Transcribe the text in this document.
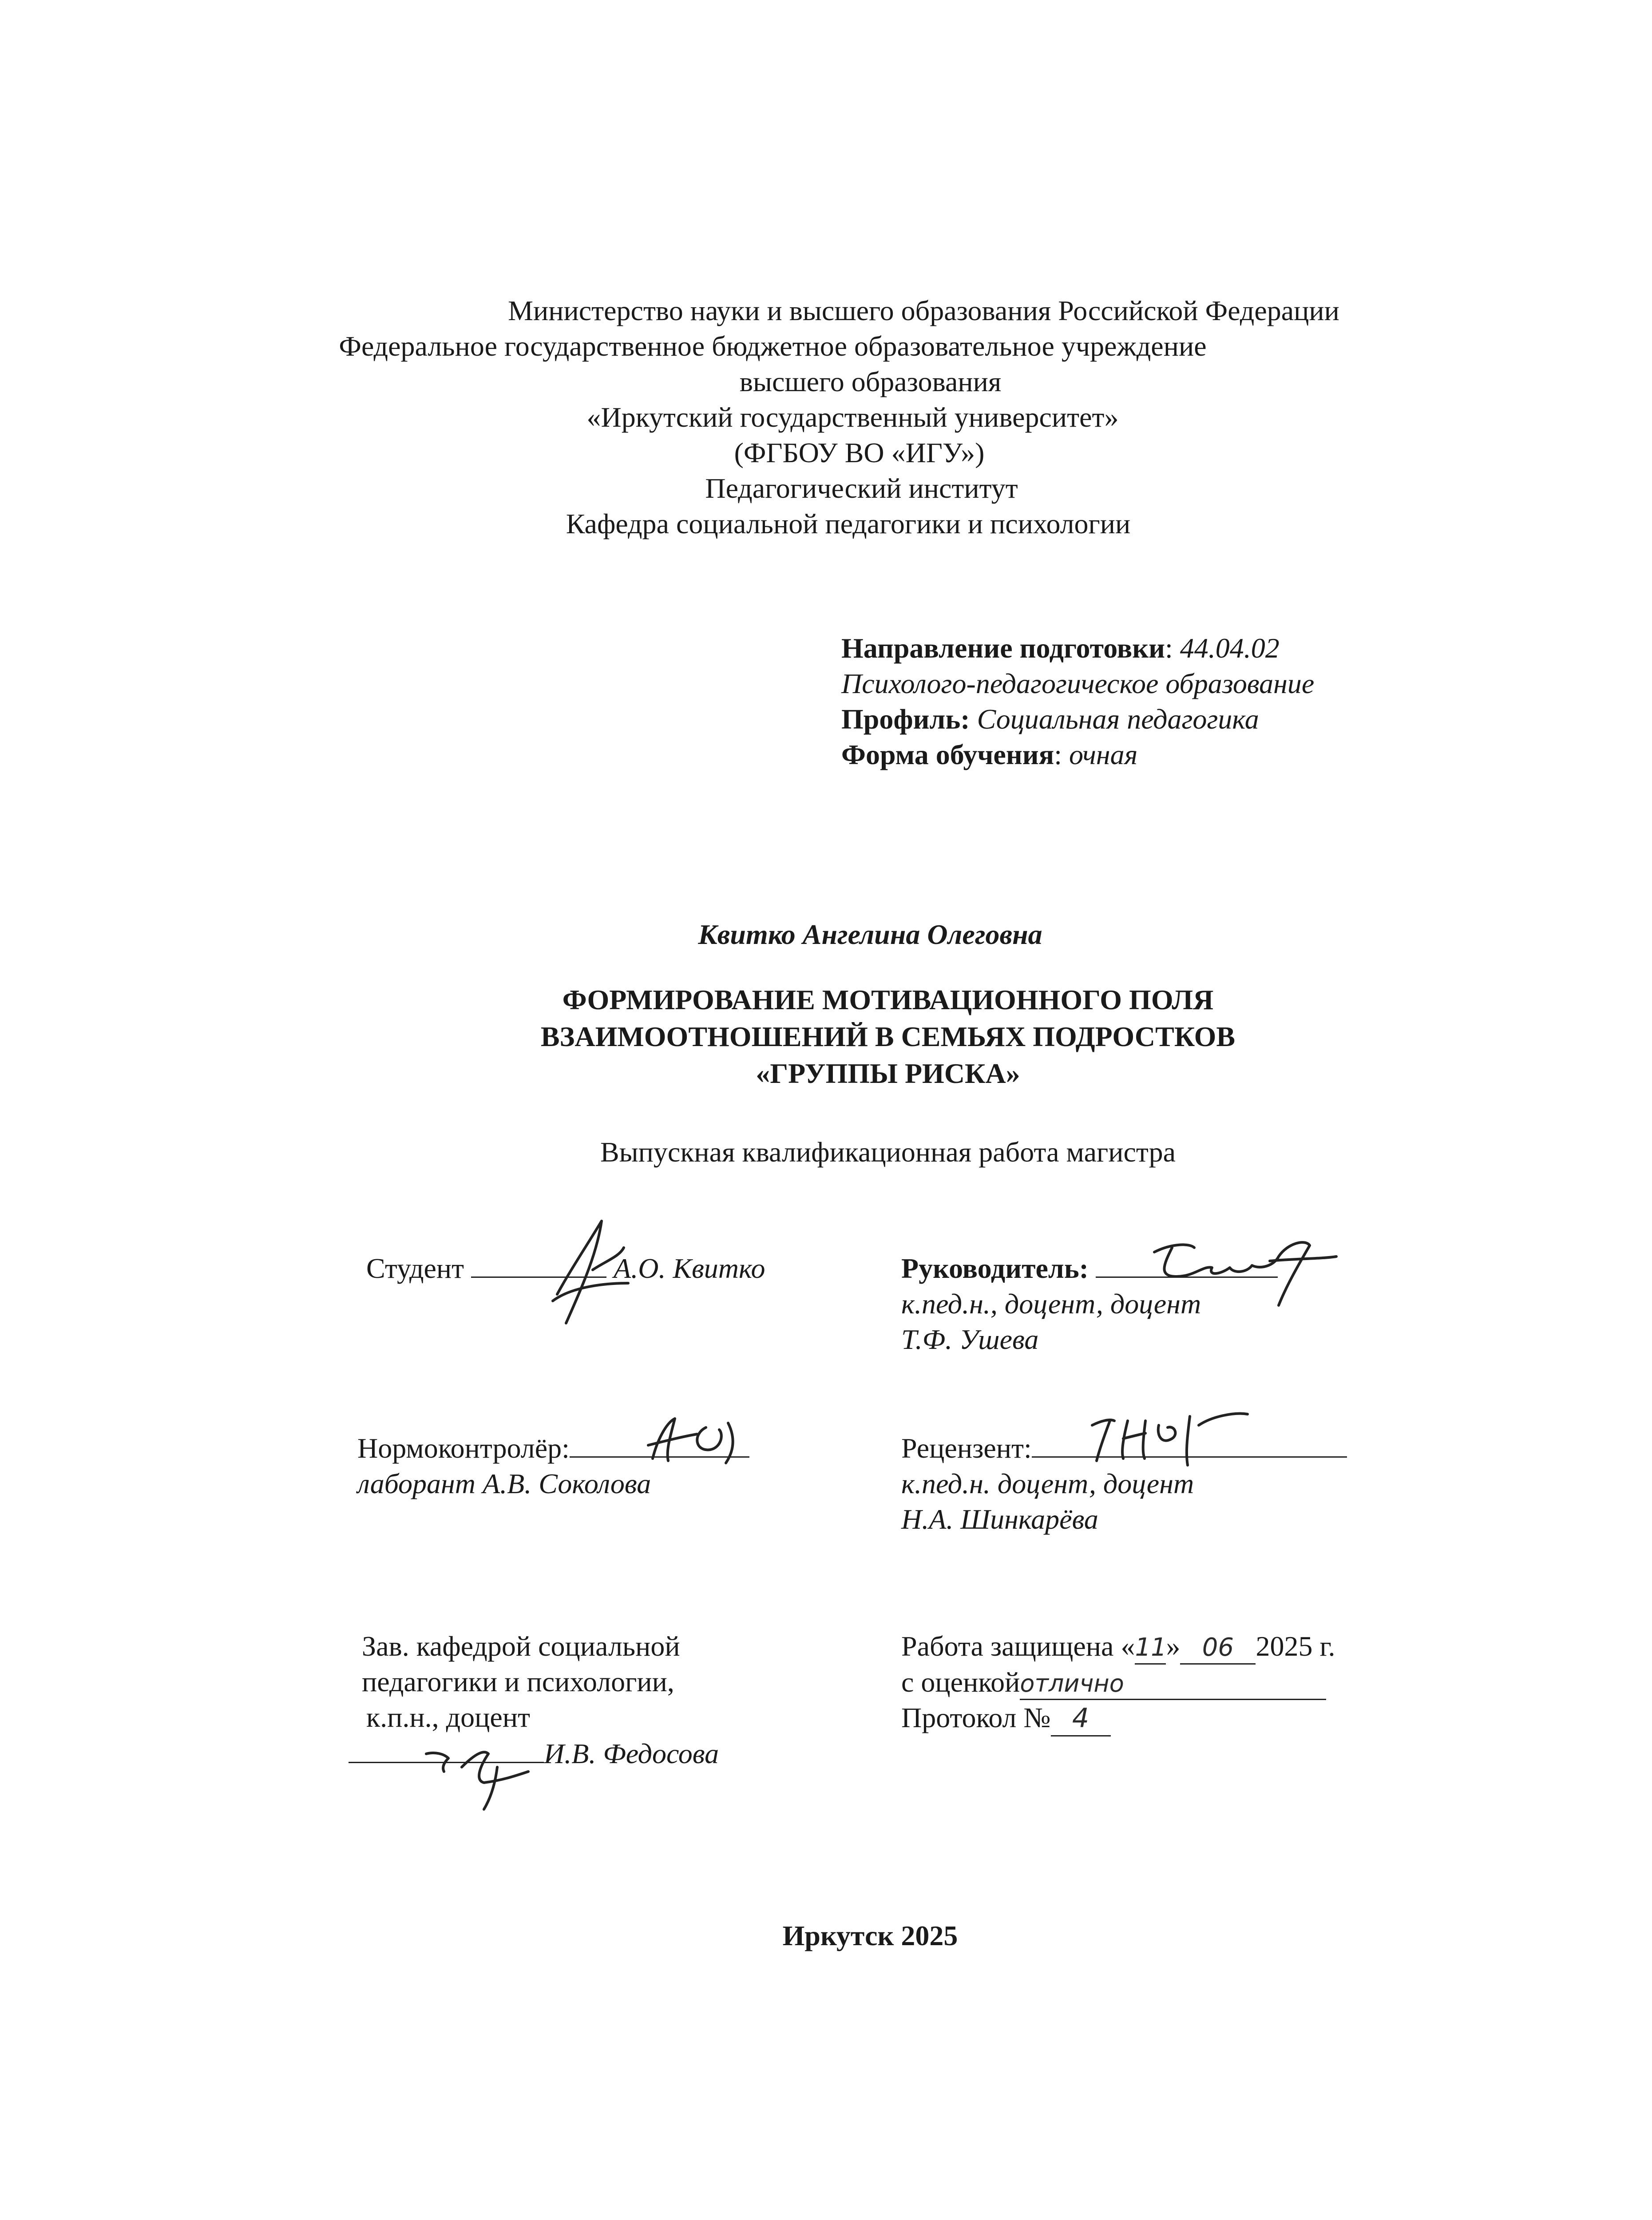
Министерство науки и высшего образования Российской Федерации
Федеральное государственное бюджетное образовательное учреждение
высшего образования
«Иркутский государственный университет»
(ФГБОУ ВО «ИГУ»)
Педагогический институт
Кафедра социальной педагогики и психологии
Направление подготовки: 44.04.02
Психолого-педагогическое образование
Профиль: Социальная педагогика
Форма обучения: очная
Квитко Ангелина Олеговна
ФОРМИРОВАНИЕ МОТИВАЦИОННОГО ПОЛЯ
ВЗАИМООТНОШЕНИЙ В СЕМЬЯХ ПОДРОСТКОВ
«ГРУППЫ РИСКА»
Выпускная квалификационная работа магистра
Студент	А.О. Квитко	Руководитель:
к.пед.н., доцент, доцент
Т.Ф. Ушева
Нормоконтролёр:
лаборант А.В. Соколова
Рецензент:
к.пед.н. доцент, доцент
Н.А. Шинкарёва
Зав. кафедрой социальной
педагогики и психологии,
к.п.н., доцент
И.В. Федосова
Работа защищена «11» 06 2025 г.
с оценкойотлично
Протокол № 4
Иркутск 2025
